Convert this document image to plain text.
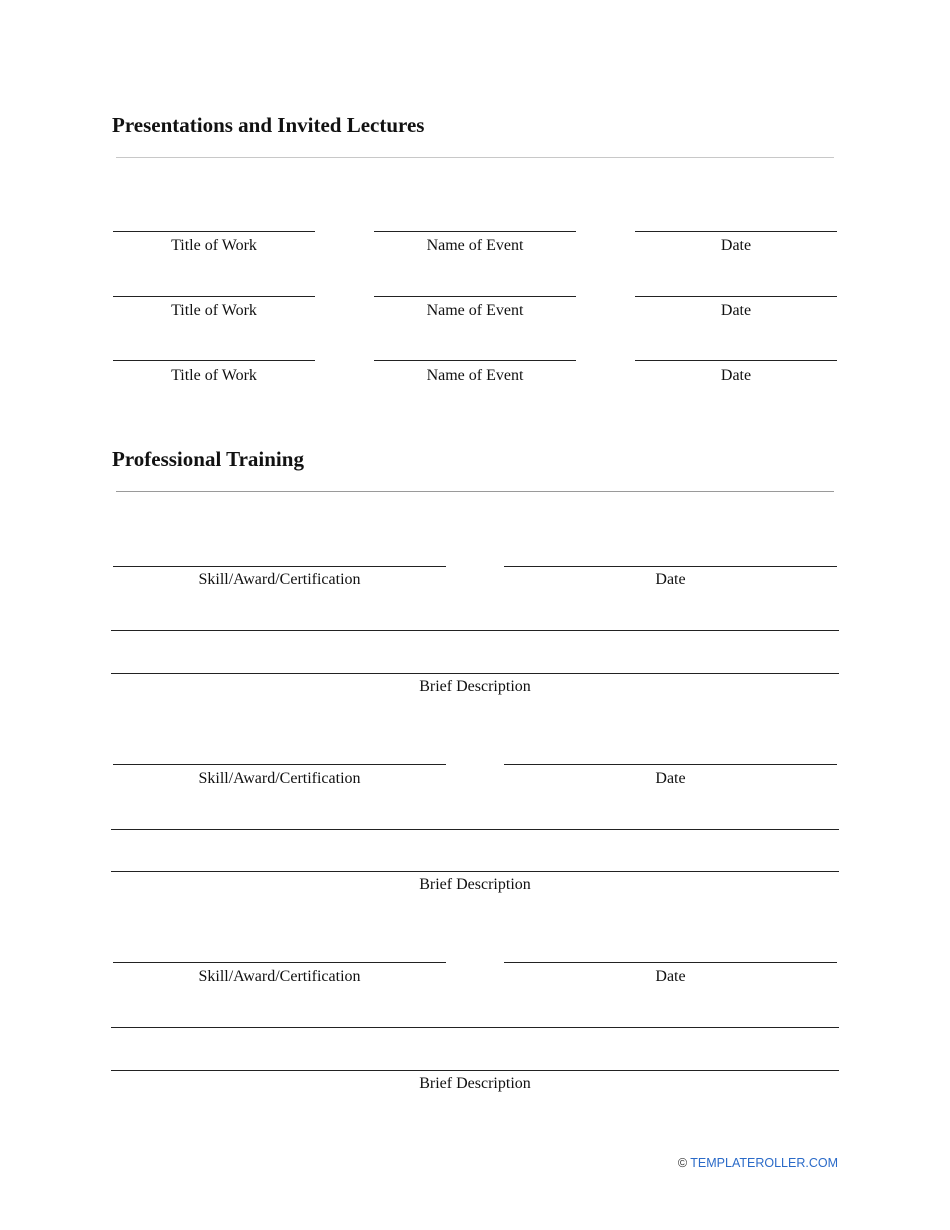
Presentations and Invited Lectures
Title of Work	Name of Event	Date
Title of Work	Name of Event	Date
Title of Work	Name of Event	Date
Professional Training
Skill/Award/Certification	Date
Brief Description
Skill/Award/Certification	Date
Brief Description
Skill/Award/Certification	Date
Brief Description
© TEMPLATEROLLER.COM
